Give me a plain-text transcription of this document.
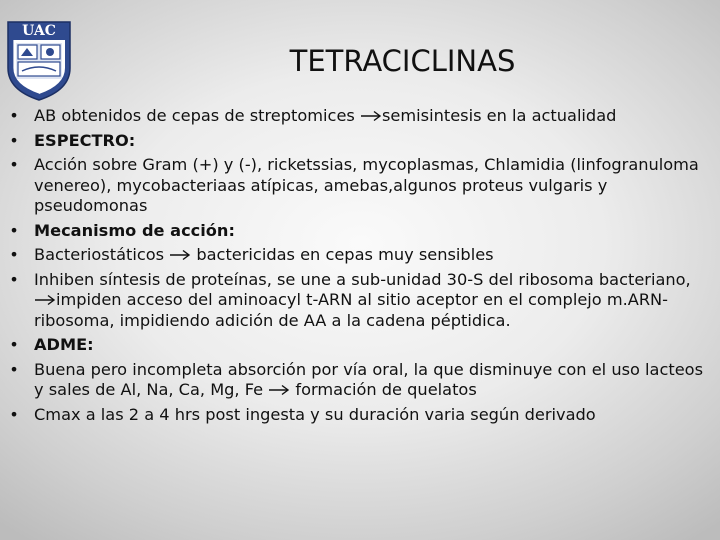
UAC
TETRACICLINAS
• AB obtenidos de cepas de streptomices semisintesis en la actualidad
• ESPECTRO:
• Acción sobre Gram (+) y (-), ricketssias, mycoplasmas, Chlamidia (linfogranuloma venereo), mycobacteriaas atípicas, amebas,algunos proteus vulgaris y pseudomonas
• Mecanismo de acción:
• Bacteriostáticos  bactericidas en cepas muy sensibles
• Inhiben síntesis de proteínas, se une a sub-unidad 30-S del ribosoma bacteriano, impiden acceso del aminoacyl t-ARN al sitio aceptor en el complejo m.ARN-ribosoma, impidiendo adición de AA a la cadena péptidica.
• ADME:
• Buena pero incompleta absorción por vía oral, la que disminuye con el uso lacteos y sales de Al, Na, Ca, Mg, Fe  formación de quelatos
• Cmax a las 2 a 4 hrs post ingesta y su duración varia según derivado
